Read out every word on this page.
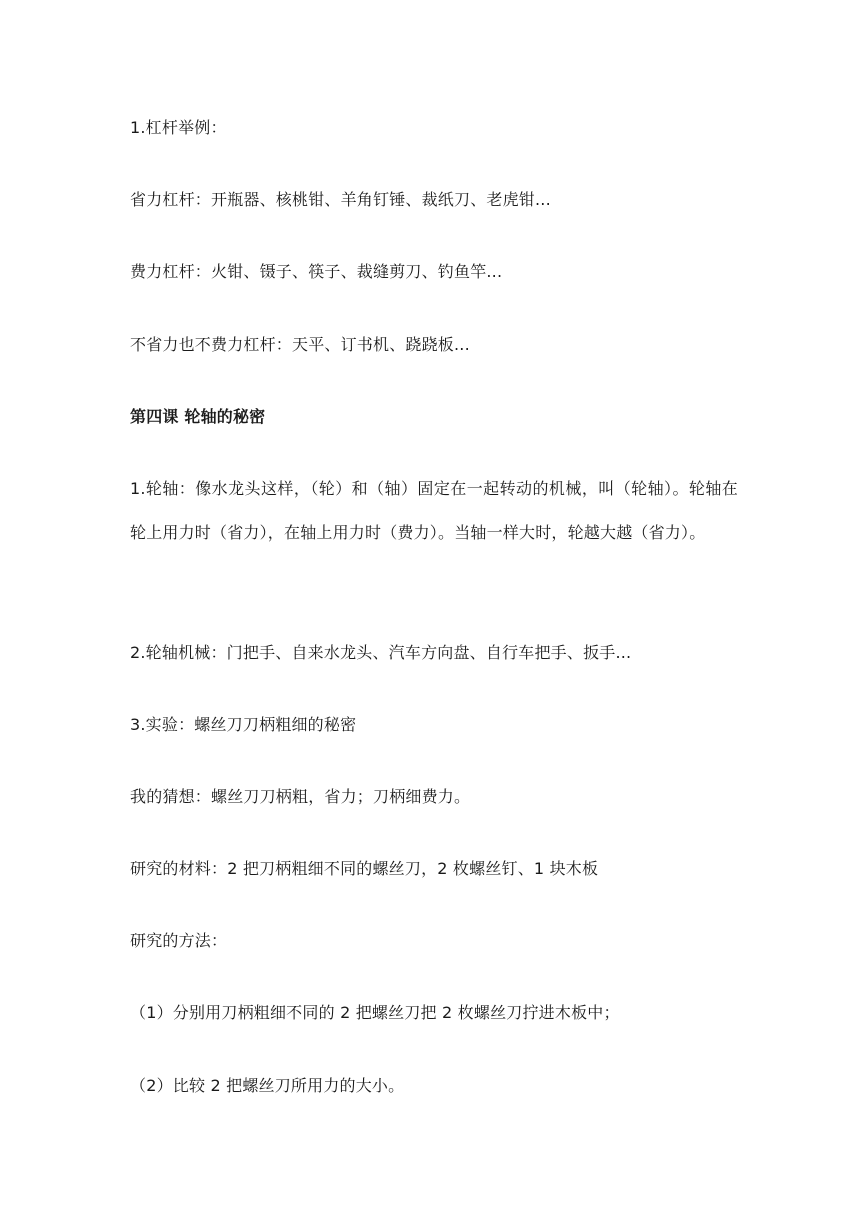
1.杠杆举例：
省力杠杆：开瓶器、核桃钳、羊角钉锤、裁纸刀、老虎钳...
费力杠杆：火钳、镊子、筷子、裁缝剪刀、钓鱼竿...
不省力也不费力杠杆：天平、订书机、跷跷板...
第四课 轮轴的秘密
1.轮轴：像水龙头这样，（轮）和（轴）固定在一起转动的机械，叫（轮轴）。轮轴在轮上用力时（省力），在轴上用力时（费力）。当轴一样大时，轮越大越（省力）。
2.轮轴机械：门把手、自来水龙头、汽车方向盘、自行车把手、扳手...
3.实验：螺丝刀刀柄粗细的秘密
我的猜想：螺丝刀刀柄粗，省力；刀柄细费力。
研究的材料：2 把刀柄粗细不同的螺丝刀，2 枚螺丝钉、1 块木板
研究的方法：
（1）分别用刀柄粗细不同的 2 把螺丝刀把 2 枚螺丝刀拧进木板中；
（2）比较 2 把螺丝刀所用力的大小。
